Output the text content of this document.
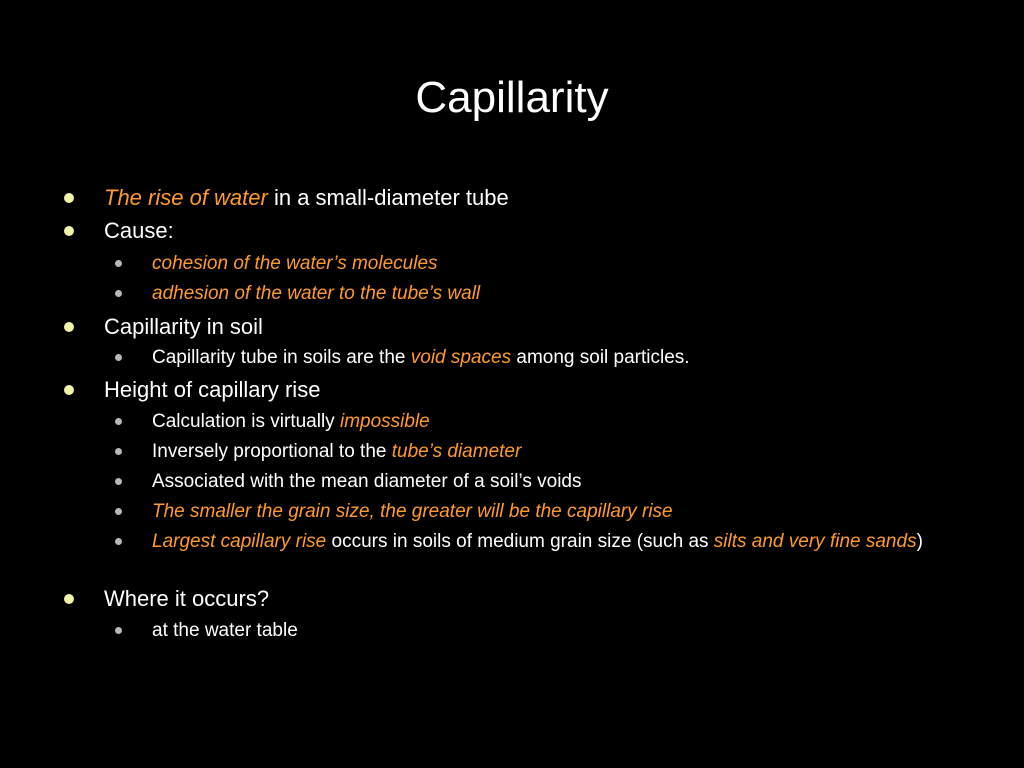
Capillarity
The rise of water in a small-diameter tube
Cause:
cohesion of the water’s molecules
adhesion of the water to the tube’s wall
Capillarity in soil
Capillarity tube in soils are the void spaces among soil particles.
Height of capillary rise
Calculation is virtually impossible
Inversely proportional to the tube’s diameter
Associated with the mean diameter of a soil’s voids
The smaller the grain size, the greater will be the capillary rise
Largest capillary rise occurs in soils of medium grain size (such as silts and very fine sands)
Where it occurs?
at the water table
